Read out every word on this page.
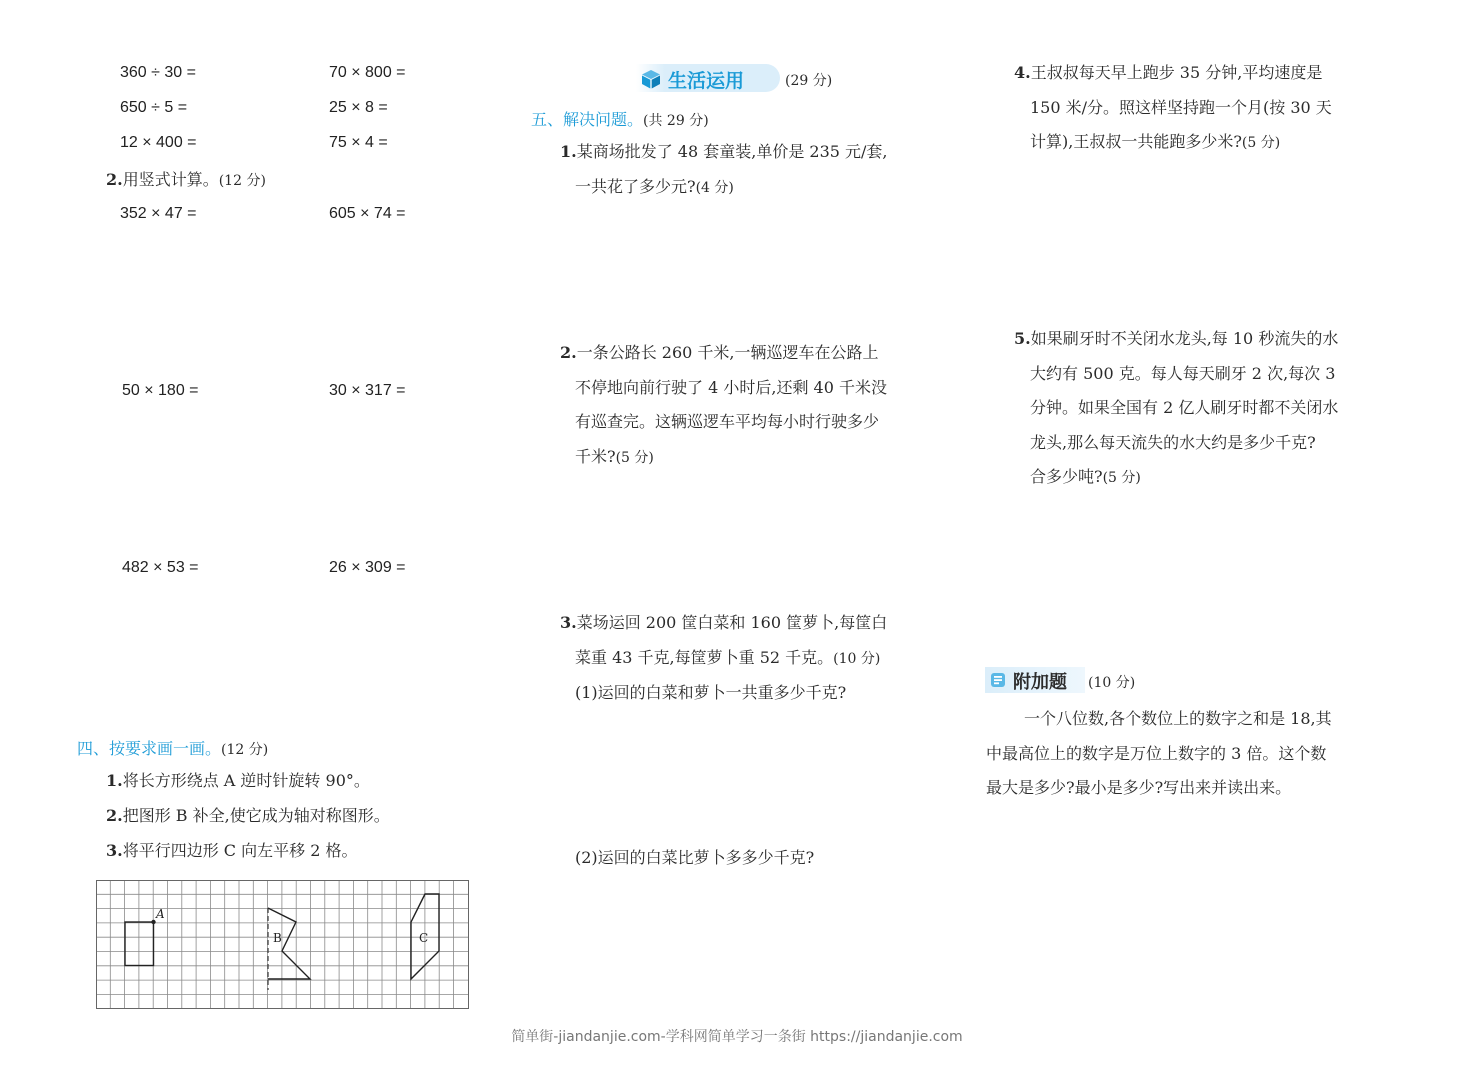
360 ÷ 30 =	70 × 800 =
650 ÷ 5 =	25 × 8 =
12 × 400 =	75 × 4 =
2.用竖式计算。(12 分)
352 × 47 =	605 × 74 =
50 × 180 =	30 × 317 =
482 × 53 =	26 × 309 =
四、按要求画一画。(12 分)
1.将长方形绕点 A 逆时针旋转 90°。
2.把图形 B 补全,使它成为轴对称图形。
3.将平行四边形 C 向左平移 2 格。
A
B	C
生活运用	(29 分)
五、解决问题。(共 29 分)
1.某商场批发了 48 套童装,单价是 235 元/套,
一共花了多少元?(4 分)
2.一条公路长 260 千米,一辆巡逻车在公路上
不停地向前行驶了 4 小时后,还剩 40 千米没
有巡查完。这辆巡逻车平均每小时行驶多少
千米?(5 分)
3.菜场运回 200 筐白菜和 160 筐萝卜,每筐白
菜重 43 千克,每筐萝卜重 52 千克。(10 分)
(1)运回的白菜和萝卜一共重多少千克?
(2)运回的白菜比萝卜多多少千克?
4.王叔叔每天早上跑步 35 分钟,平均速度是
150 米/分。照这样坚持跑一个月(按 30 天
计算),王叔叔一共能跑多少米?(5 分)
5.如果刷牙时不关闭水龙头,每 10 秒流失的水
大约有 500 克。每人每天刷牙 2 次,每次 3
分钟。如果全国有 2 亿人刷牙时都不关闭水
龙头,那么每天流失的水大约是多少千克?
合多少吨?(5 分)
附加题 (10 分)
一个八位数,各个数位上的数字之和是 18,其
中最高位上的数字是万位上数字的 3 倍。这个数
最大是多少?最小是多少?写出来并读出来。
简单街-jiandanjie.com-学科网简单学习一条街 https://jiandanjie.com
